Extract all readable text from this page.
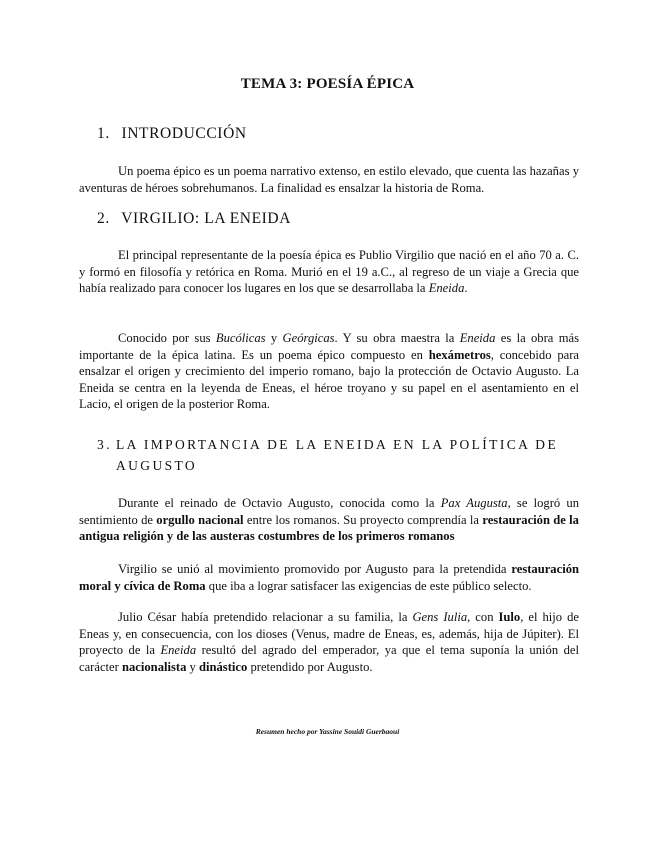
TEMA 3: POESÍA ÉPICA
1. INTRODUCCIÓN

Un poema épico es un poema narrativo extenso, en estilo elevado, que cuenta las hazañas y aventuras de héroes sobrehumanos. La finalidad es ensalzar la historia de Roma.

2. VIRGILIO: LA ENEIDA

El principal representante de la poesía épica es Publio Virgilio que nació en el año 70 a. C. y formó en filosofía y retórica en Roma. Murió en el 19 a.C., al regreso de un viaje a Grecia que había realizado para conocer los lugares en los que se desarrollaba la Eneida.

Conocido por sus Bucólicas y Geórgicas. Y su obra maestra la Eneida es la obra más importante de la épica latina. Es un poema épico compuesto en hexámetros, concebido para ensalzar el origen y crecimiento del imperio romano, bajo la protección de Octavio Augusto. La Eneida se centra en la leyenda de Eneas, el héroe troyano y su papel en el asentamiento en el Lacio, el origen de la posterior Roma.

3. LA IMPORTANCIA DE LA ENEIDA EN LA POLÍTICA DE AUGUSTO

Durante el reinado de Octavio Augusto, conocida como la Pax Augusta, se logró un sentimiento de orgullo nacional entre los romanos. Su proyecto comprendía la restauración de la antigua religión y de las austeras costumbres de los primeros romanos

Virgilio se unió al movimiento promovido por Augusto para la pretendida restauración moral y cívica de Roma que iba a lograr satisfacer las exigencias de este público selecto.

Julio César había pretendido relacionar a su familia, la Gens Iulia, con Iulo, el hijo de Eneas y, en consecuencia, con los dioses (Venus, madre de Eneas, es, además, hija de Júpiter). El proyecto de la Eneida resultó del agrado del emperador, ya que el tema suponía la unión del carácter nacionalista y dinástico pretendido por Augusto.

Resumen hecho por Yassine Souidi Guerbaoui
